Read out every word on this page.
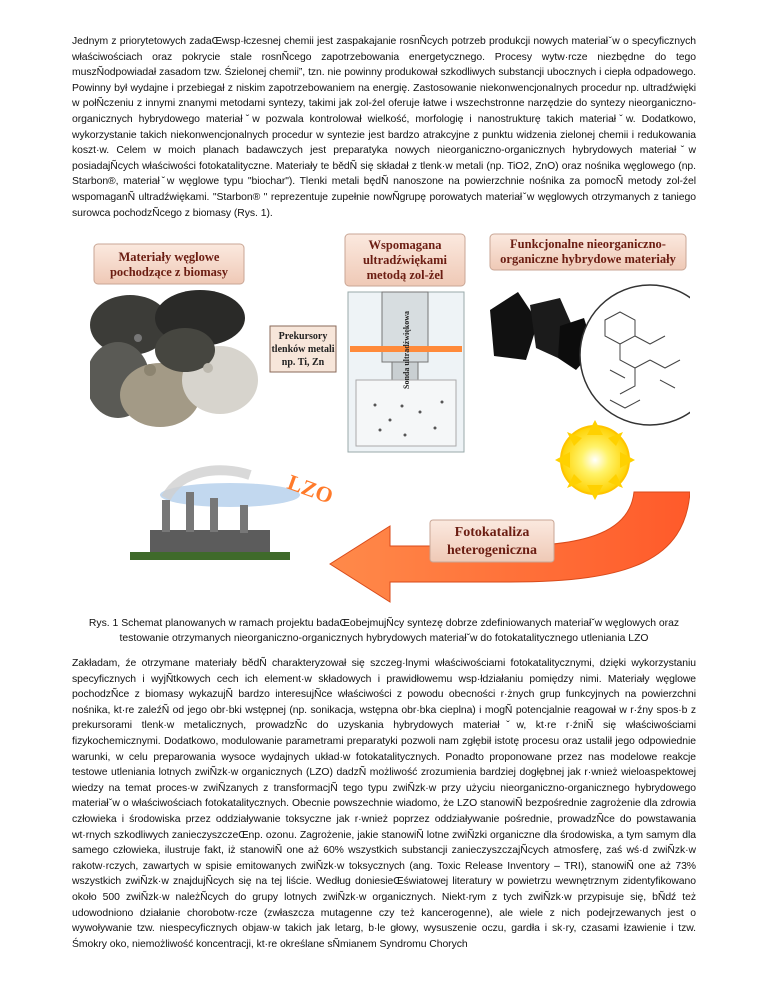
Jednym z priorytetowych zadaŒwsp·łczesnej chemii jest zaspakajanie rosnÑcych potrzeb produkcji nowych materiałˇw o specyficznych właściwościach oraz pokrycie stale rosnÑcego zapotrzebowania energetycznego. Procesy wytw·rcze niezbędne do tego muszÑodpowiadał zasadom tzw. Śzielonej chemii”, tzn. nie powinny produkował szkodliwych substancji ubocznych i ciepła odpadowego. Powinny był wydajne i przebiegał z niskim zapotrzebowaniem na energię. Zastosowanie niekonwencjonalnych procedur np. ultradźwięki w połÑczeniu z innymi znanymi metodami syntezy, takimi jak zol-źel oferuje łatwe i wszechstronne narzędzie do syntezy nieorganiczno-organicznych hybrydowego materiałˇw pozwala kontrolował wielkość, morfologię i nanostrukturę takich materiałˇw. Dodatkowo, wykorzystanie takich niekonwencjonalnych procedur w syntezie jest bardzo atrakcyjne z punktu widzenia zielonej chemii i redukowania koszt·w. Celem w moich planach badawczych jest preparatyka nowych nieorganiczno-organicznych hybrydowych materiałˇw posiadajÑcych właściwości fotokatalityczne. Materiały te bědÑ się składał z tlenk·w metali (np. TiO2, ZnO) oraz nośnika węglowego (np. Starbon®, materiałˇw węglowe typu "biochar"). Tlenki metali będÑ nanoszone na powierzchnie nośnika za pomocÑ metody zol-źel wspomaganÑ ultradźwiękami. "Starbon® " reprezentuje zupełnie nowÑgrupę porowatych materiałˇw węglowych otrzymanych z taniego surowca pochodzÑcego z biomasy (Rys. 1).

Materiały węglowe
pochodzące z biomasy
Wspomagana
ultradźwiękami
metodą zol-żel
Sonda ultradźwiękowa
Prekursory
tlenków metali
np. Ti, Zn
Funkcjonalne nieorganiczno-
organiczne hybrydowe materiały
LZO
Fotokataliza
heterogeniczna

Rys. 1 Schemat planowanych w ramach projektu badaŒobejmujÑcy syntezę dobrze zdefiniowanych materiałˇw węglowych oraz
testowanie otrzymanych nieorganiczno-organicznych hybrydowych materiałˇw do fotokatalitycznego utleniania LZO

Zakładam, źe otrzymane materiały bědÑ charakteryzował się szczeg·lnymi właściwościami fotokatalitycznymi, dzięki wykorzystaniu specyficznych i wyjÑtkowych cech ich element·w składowych i prawidłowemu wsp·łdziałaniu pomiędzy nimi. Materiały węglowe pochodzÑce z biomasy wykazujÑ bardzo interesujÑce właściwości z powodu obecności r·żnych grup funkcyjnych na powierzchni nośnika, kt·re zaleźÑ od jego obr·bki wstępnej (np. sonikacja, wstępna obr·bka cieplna) i mogÑ potencjalnie reagował w r·źny spos·b z prekursorami tlenk·w metalicznych, prowadzÑc do uzyskania hybrydowych materiałˇw, kt·re r·źniÑ się właściwościami fizykochemicznymi. Dodatkowo, modulowanie parametrami preparatyki pozwoli nam zgłębił istotę procesu oraz ustalił jego odpowiednie warunki, w celu preparowania wysoce wydajnych układ·w fotokatalitycznych. Ponadto proponowane przez nas modelowe reakcje testowe utleniania lotnych zwiÑzk·w organicznych (LZO) dadzÑ możliwość zrozumienia bardziej dogłębnej jak r·wnież wieloaspektowej wiedzy na temat proces·w zwiÑzanych z transformacjÑ tego typu zwiÑzk·w przy użyciu nieorganiczno-organicznego hybrydowego materiałˇw o właściwościach fotokatalitycznych. Obecnie powszechnie wiadomo, że LZO stanowiÑ bezpośrednie zagrożenie dla zdrowia człowieka i środowiska przez oddziaływanie toksyczne jak r·wnież poprzez oddziaływanie pośrednie, prowadzÑce do powstawania wt·rnych szkodliwych zanieczyszczeŒnp. ozonu. Zagrożenie, jakie stanowiÑ lotne zwiÑzki organiczne dla środowiska, a tym samym dla samego człowieka, ilustruje fakt, iż stanowiÑ one aż 60% wszystkich substancji zanieczyszczajÑcych atmosferę, zaś wś·d zwiÑzk·w rakotw·rczych, zawartych w spisie emitowanych zwiÑzk·w toksycznych (ang. Toxic Release Inventory – TRI), stanowiÑ one aż 73% wszystkich zwiÑzk·w znajdujÑcych się na tej liście. Według doniesieŒświatowej literatury w powietrzu wewnętrznym zidentyfikowano około 500 zwiÑzk·w należÑcych do grupy lotnych zwiÑzk·w organicznych. Niekt·rym z tych zwiÑzk·w przypisuje się, bÑdź też udowodniono działanie chorobotw·rcze (zwłaszcza mutagenne czy też kancerogenne), ale wiele z nich podejrzewanych jest o wywoływanie tzw. niespecyficznych objaw·w takich jak letarg, b·le głowy, wysuszenie oczu, gardła i sk·ry, czasami łzawienie i tzw. Śmokry oko, niemożliwość koncentracji, kt·re określane sÑmianem Syndromu Chorych
